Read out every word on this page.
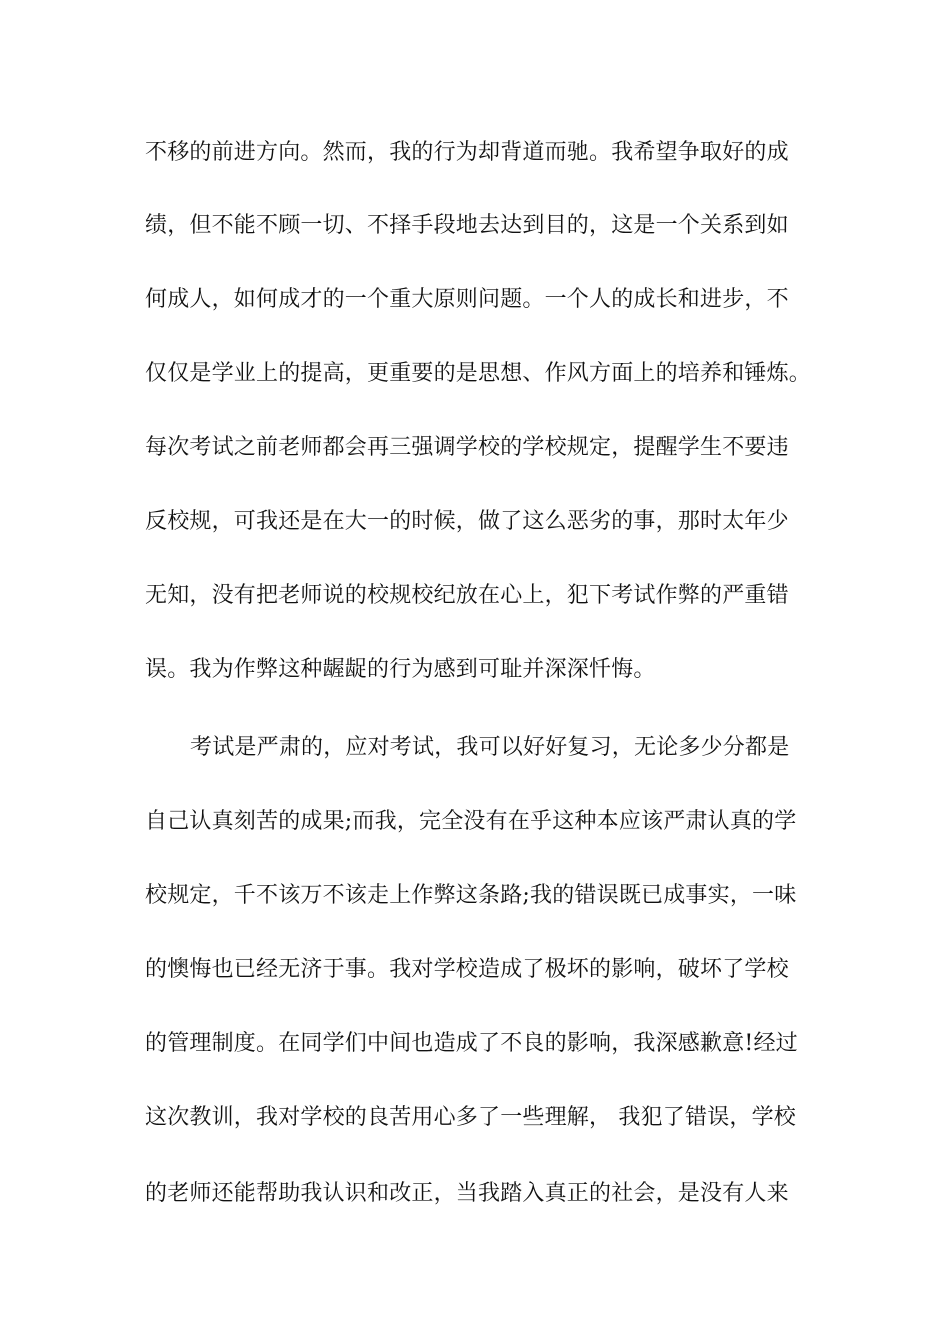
不移的前进方向。然而，我的行为却背道而驰。我希望争取好的成
绩，但不能不顾一切、不择手段地去达到目的，这是一个关系到如
何成人，如何成才的一个重大原则问题。一个人的成长和进步，不
仅仅是学业上的提高，更重要的是思想、作风方面上的培养和锤炼。
每次考试之前老师都会再三强调学校的学校规定，提醒学生不要违
反校规，可我还是在大一的时候，做了这么恶劣的事，那时太年少
无知，没有把老师说的校规校纪放在心上，犯下考试作弊的严重错
误。我为作弊这种龌龊的行为感到可耻并深深忏悔。
考试是严肃的，应对考试，我可以好好复习，无论多少分都是
自己认真刻苦的成果;而我，完全没有在乎这种本应该严肃认真的学
校规定，千不该万不该走上作弊这条路;我的错误既已成事实，一味
的懊悔也已经无济于事。我对学校造成了极坏的影响，破坏了学校
的管理制度。在同学们中间也造成了不良的影响，我深感歉意!经过
这次教训，我对学校的良苦用心多了一些理解， 我犯了错误，学校
的老师还能帮助我认识和改正，当我踏入真正的社会，是没有人来
